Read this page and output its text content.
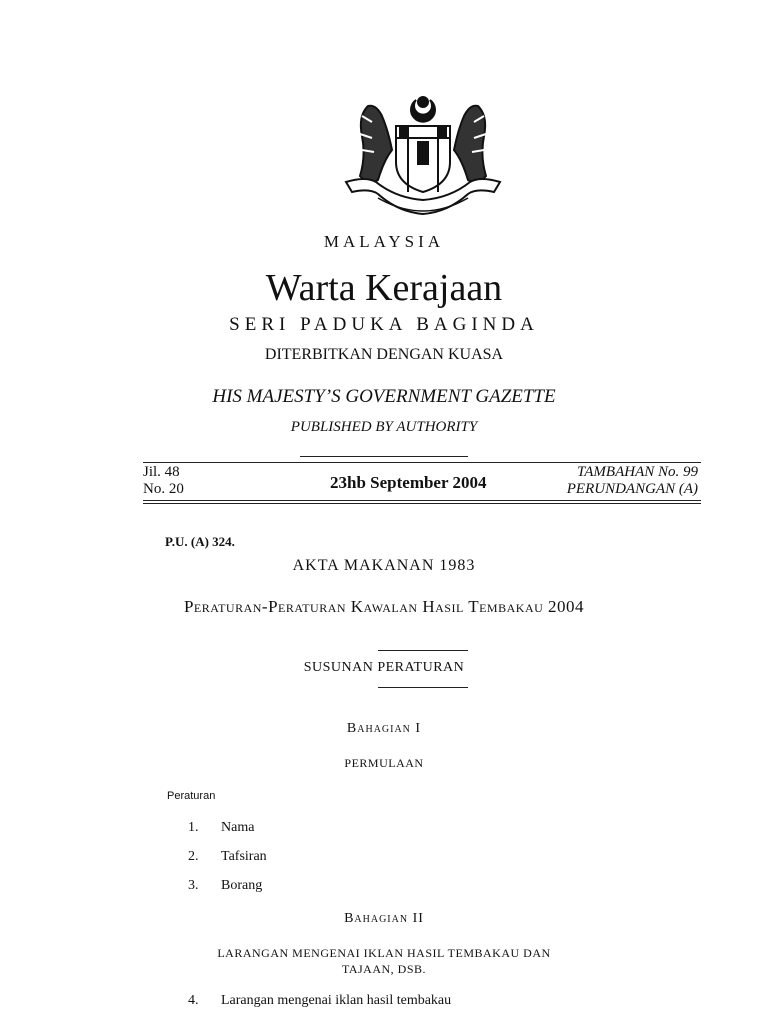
MALAYSIA
Warta Kerajaan
SERI PADUKA BAGINDA
DITERBITKAN DENGAN KUASA
HIS MAJESTY’S GOVERNMENT GAZETTE
PUBLISHED BY AUTHORITY
Jil. 48
No. 20	23hb September 2004
TAMBAHAN No. 99
PERUNDANGAN (A)
P.U. (A) 324.
AKTA MAKANAN 1983
Peraturan-Peraturan Kawalan Hasil Tembakau 2004
SUSUNAN PERATURAN
Bahagian I
PERMULAAN
Peraturan
1. Nama
2. Tafsiran
3. Borang
Bahagian II
LARANGAN MENGENAI IKLAN HASIL TEMBAKAU DAN
TAJAAN, DSB.
4. Larangan mengenai iklan hasil tembakau
